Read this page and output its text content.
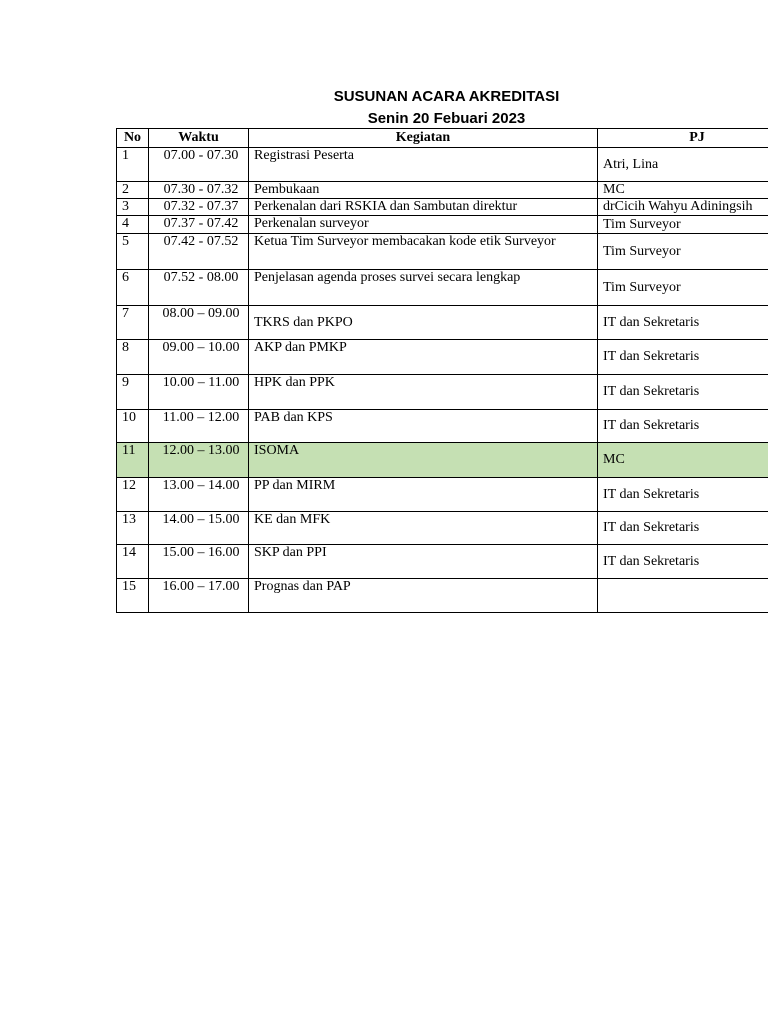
SUSUNAN ACARA AKREDITASI
Senin 20 Febuari 2023
No	Waktu	Kegiatan	PJ
1	07.00 - 07.30	Registrasi Peserta	Atri, Lina
2	07.30 - 07.32	Pembukaan	MC
3	07.32 - 07.37	Perkenalan dari RSKIA dan Sambutan direktur	drCicih Wahyu Adiningsih
4	07.37 - 07.42	Perkenalan surveyor	Tim Surveyor
5	07.42 - 07.52	Ketua Tim Surveyor membacakan kode etik Surveyor	Tim Surveyor
6	07.52 - 08.00	Penjelasan agenda proses survei secara lengkap	Tim Surveyor
7	08.00 – 09.00	TKRS dan PKPO	IT dan Sekretaris
8	09.00 – 10.00	AKP dan PMKP	IT dan Sekretaris
9	10.00 – 11.00	HPK dan PPK	IT dan Sekretaris
10	11.00 – 12.00	PAB dan KPS	IT dan Sekretaris
11	12.00 – 13.00	ISOMA	MC
12	13.00 – 14.00	PP dan MIRM	IT dan Sekretaris
13	14.00 – 15.00	KE dan MFK	IT dan Sekretaris
14	15.00 – 16.00	SKP dan PPI	IT dan Sekretaris
15	16.00 – 17.00	Prognas dan PAP	
